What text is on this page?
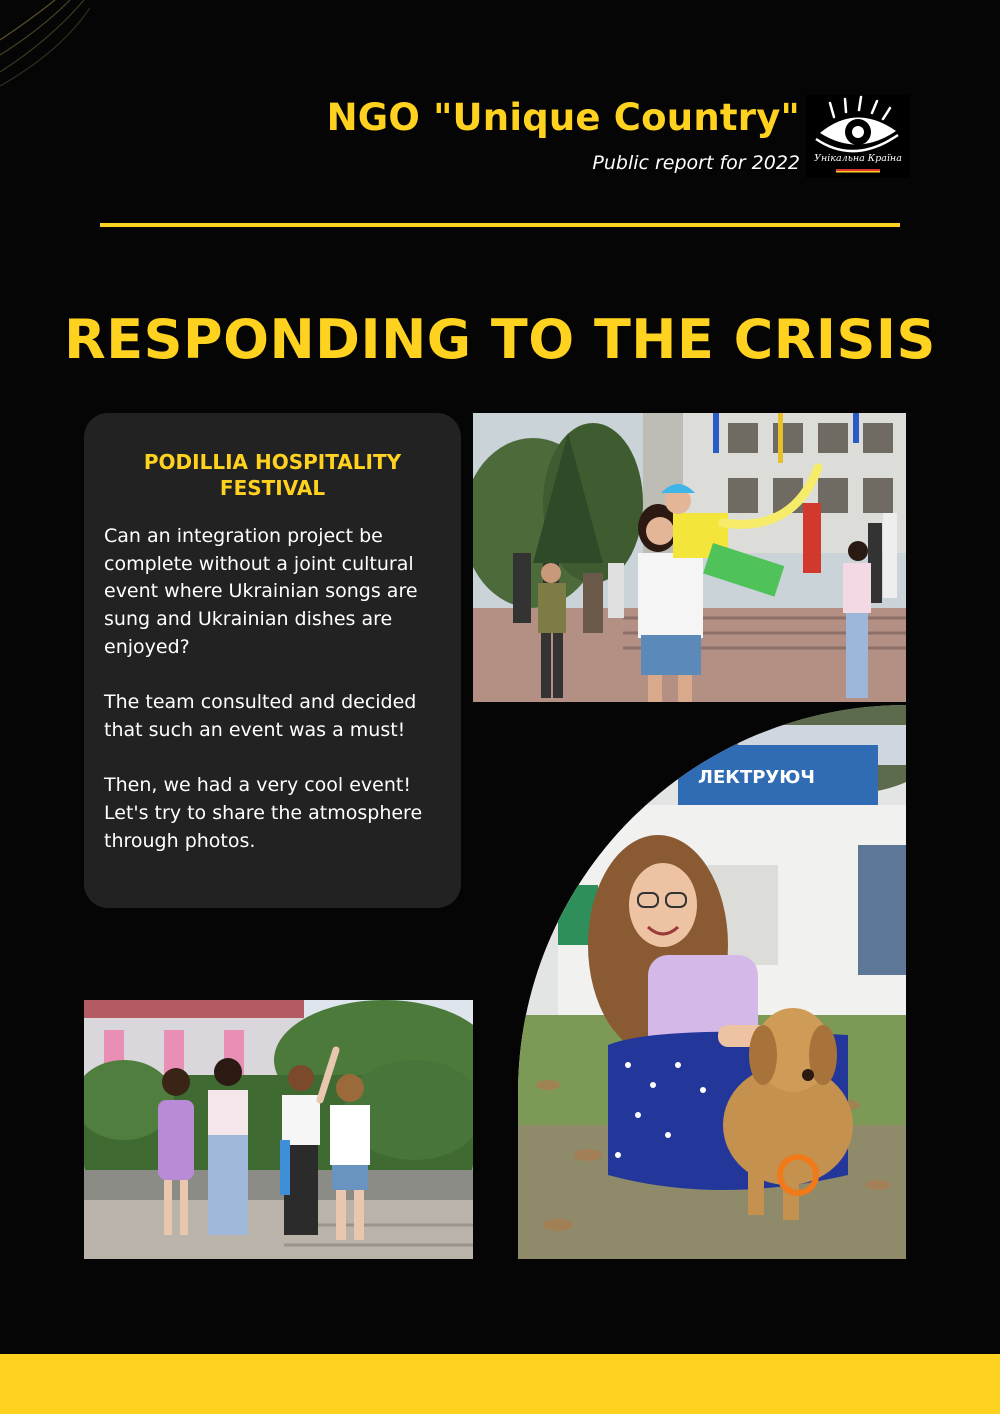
NGO "Unique Country"
Public report for 2022	Унікальна Країна
RESPONDING TO THE CRISIS
PODILLIA HOSPITALITY FESTIVAL

Can an integration project be complete without a joint cultural event where Ukrainian songs are sung and Ukrainian dishes are enjoyed?

The team consulted and decided that such an event was a must!

Then, we had a very cool event! Let's try to share the atmosphere through photos.

ЛЕКТРУЮЧ
